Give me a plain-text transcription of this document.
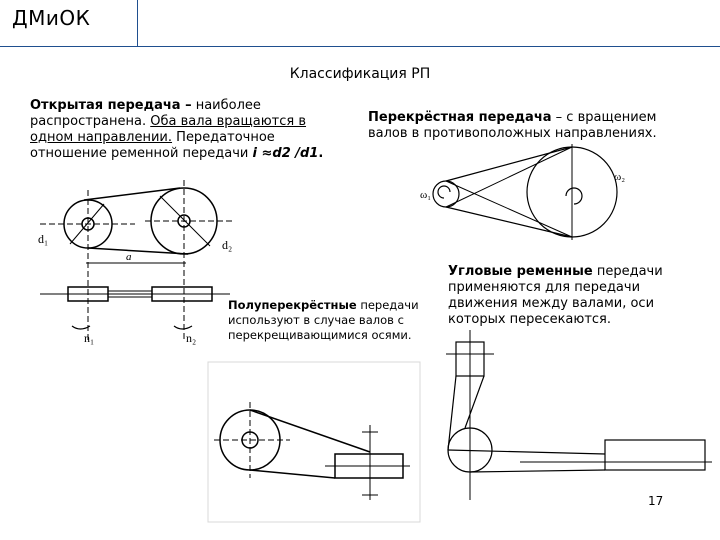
ДМиОК
Классификация РП
Открытая передача – наиболее
распространена. Оба вала вращаются в
одном направлении. Передаточное
отношение ременной передачи i ≈d2 /d1.
Перекрёстная передача – с вращением
валов в противоположных направлениях.
Полуперекрёстные передачи
используют в случае валов с
перекрещивающимися осями.
Угловые ременные передачи
применяются для передачи
движения между валами, оси
которых пересекаются.
d₁	d₂
a
n₁	n₂
ω₁
ω₂
17
